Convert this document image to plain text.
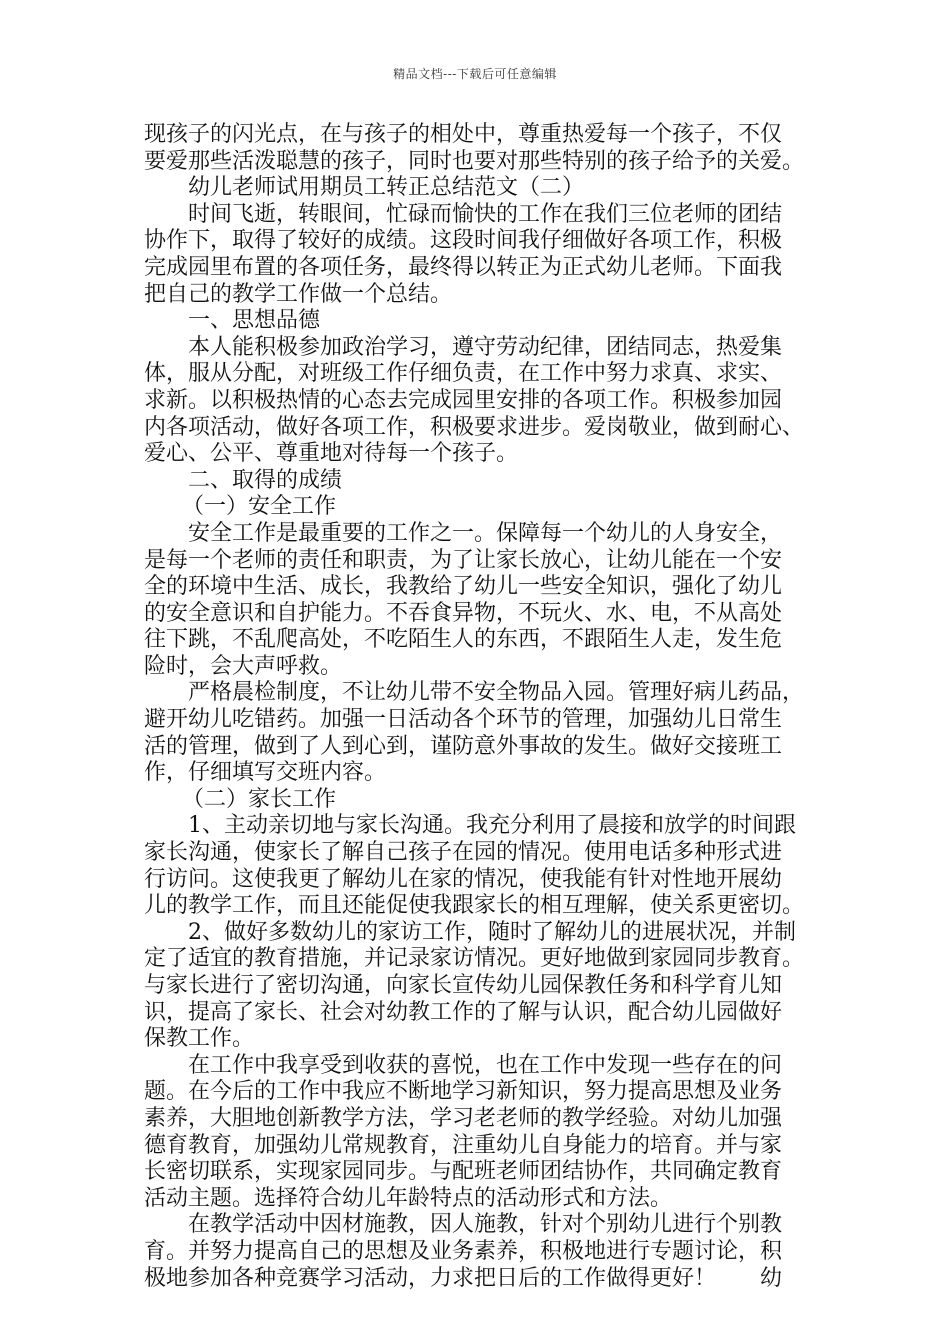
精品文档---下载后可任意编辑
现孩子的闪光点，在与孩子的相处中，尊重热爱每一个孩子，不仅
要爱那些活泼聪慧的孩子，同时也要对那些特别的孩子给予的关爱。
幼儿老师试用期员工转正总结范文（二）
时间飞逝，转眼间，忙碌而愉快的工作在我们三位老师的团结
协作下，取得了较好的成绩。这段时间我仔细做好各项工作，积极
完成园里布置的各项任务，最终得以转正为正式幼儿老师。下面我
把自己的教学工作做一个总结。
一、思想品德
本人能积极参加政治学习，遵守劳动纪律，团结同志，热爱集
体，服从分配，对班级工作仔细负责，在工作中努力求真、求实、
求新。以积极热情的心态去完成园里安排的各项工作。积极参加园
内各项活动，做好各项工作，积极要求进步。爱岗敬业，做到耐心、
爱心、公平、尊重地对待每一个孩子。
二、取得的成绩
（一）安全工作
安全工作是最重要的工作之一。保障每一个幼儿的人身安全，
是每一个老师的责任和职责，为了让家长放心，让幼儿能在一个安
全的环境中生活、成长，我教给了幼儿一些安全知识，强化了幼儿
的安全意识和自护能力。不吞食异物，不玩火、水、电，不从高处
往下跳，不乱爬高处，不吃陌生人的东西，不跟陌生人走，发生危
险时，会大声呼救。
严格晨检制度，不让幼儿带不安全物品入园。管理好病儿药品，
避开幼儿吃错药。加强一日活动各个环节的管理，加强幼儿日常生
活的管理，做到了人到心到，谨防意外事故的发生。做好交接班工
作，仔细填写交班内容。
（二）家长工作
1、主动亲切地与家长沟通。我充分利用了晨接和放学的时间跟
家长沟通，使家长了解自己孩子在园的情况。使用电话多种形式进
行访问。这使我更了解幼儿在家的情况，使我能有针对性地开展幼
儿的教学工作，而且还能促使我跟家长的相互理解，使关系更密切。
2、做好多数幼儿的家访工作，随时了解幼儿的进展状况，并制
定了适宜的教育措施，并记录家访情况。更好地做到家园同步教育。
与家长进行了密切沟通，向家长宣传幼儿园保教任务和科学育儿知
识，提高了家长、社会对幼教工作的了解与认识，配合幼儿园做好
保教工作。
在工作中我享受到收获的喜悦，也在工作中发现一些存在的问
题。在今后的工作中我应不断地学习新知识，努力提高思想及业务
素养，大胆地创新教学方法，学习老老师的教学经验。对幼儿加强
德育教育，加强幼儿常规教育，注重幼儿自身能力的培育。并与家
长密切联系，实现家园同步。与配班老师团结协作，共同确定教育
活动主题。选择符合幼儿年龄特点的活动形式和方法。
在教学活动中因材施教，因人施教，针对个别幼儿进行个别教
育。并努力提高自己的思想及业务素养，积极地进行专题讨论，积
极地参加各种竞赛学习活动，力求把日后的工作做得更好！　　幼
